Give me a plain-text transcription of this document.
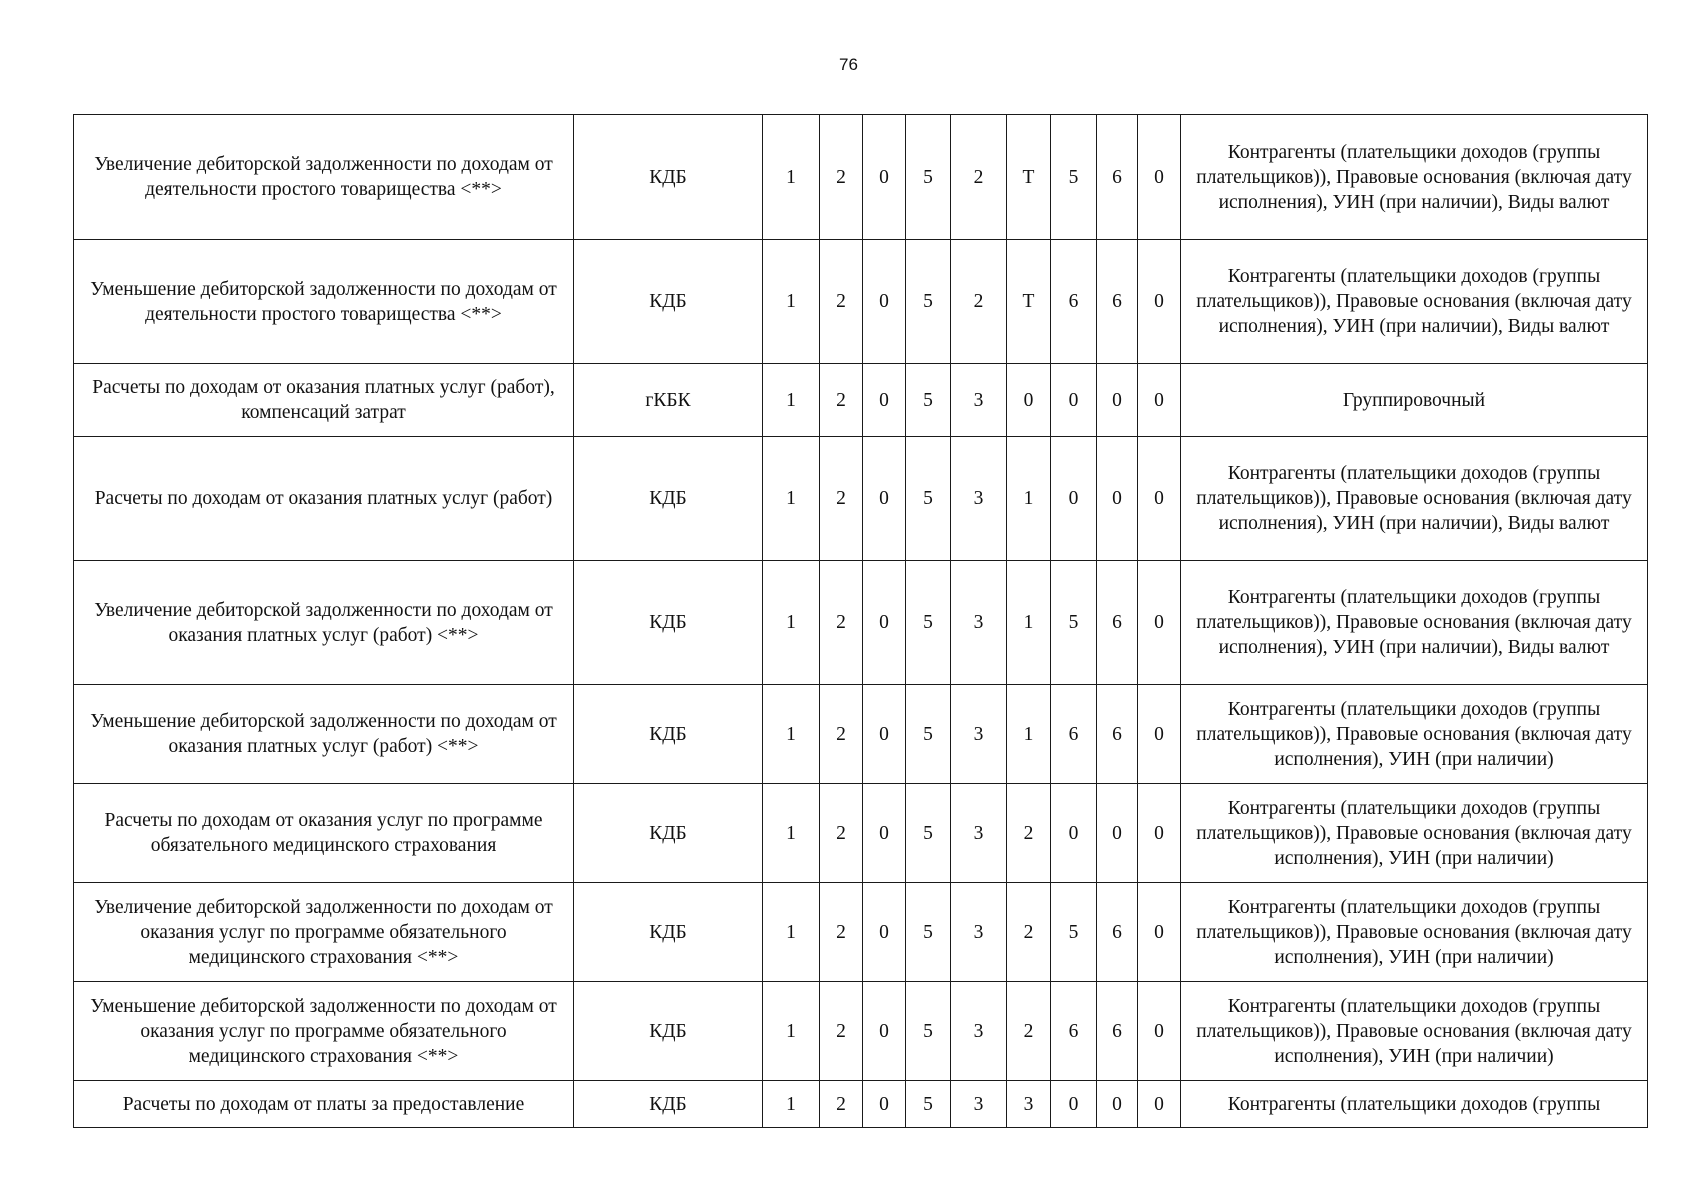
76
Увеличение дебиторской задолженности по доходам от деятельности простого товарищества <**>	КДБ	1	2	0	5	2	Т	5	6	0	Контрагенты (плательщики доходов (группы плательщиков)), Правовые основания (включая дату исполнения), УИН (при наличии), Виды валют
Уменьшение дебиторской задолженности по доходам от деятельности простого товарищества <**>	КДБ	1	2	0	5	2	Т	6	6	0	Контрагенты (плательщики доходов (группы плательщиков)), Правовые основания (включая дату исполнения), УИН (при наличии), Виды валют
Расчеты по доходам от оказания платных услуг (работ), компенсаций затрат	гКБК	1	2	0	5	3	0	0	0	0	Группировочный
Расчеты по доходам от оказания платных услуг (работ)	КДБ	1	2	0	5	3	1	0	0	0	Контрагенты (плательщики доходов (группы плательщиков)), Правовые основания (включая дату исполнения), УИН (при наличии), Виды валют
Увеличение дебиторской задолженности по доходам от оказания платных услуг (работ) <**>	КДБ	1	2	0	5	3	1	5	6	0	Контрагенты (плательщики доходов (группы плательщиков)), Правовые основания (включая дату исполнения), УИН (при наличии), Виды валют
Уменьшение дебиторской задолженности по доходам от оказания платных услуг (работ) <**>	КДБ	1	2	0	5	3	1	6	6	0	Контрагенты (плательщики доходов (группы плательщиков)), Правовые основания (включая дату исполнения), УИН (при наличии)
Расчеты по доходам от оказания услуг по программе обязательного медицинского страхования	КДБ	1	2	0	5	3	2	0	0	0	Контрагенты (плательщики доходов (группы плательщиков)), Правовые основания (включая дату исполнения), УИН (при наличии)
Увеличение дебиторской задолженности по доходам от оказания услуг по программе обязательного медицинского страхования <**>	КДБ	1	2	0	5	3	2	5	6	0	Контрагенты (плательщики доходов (группы плательщиков)), Правовые основания (включая дату исполнения), УИН (при наличии)
Уменьшение дебиторской задолженности по доходам от оказания услуг по программе обязательного медицинского страхования <**>	КДБ	1	2	0	5	3	2	6	6	0	Контрагенты (плательщики доходов (группы плательщиков)), Правовые основания (включая дату исполнения), УИН (при наличии)
Расчеты по доходам от платы за предоставление	КДБ	1	2	0	5	3	3	0	0	0	Контрагенты (плательщики доходов (группы
